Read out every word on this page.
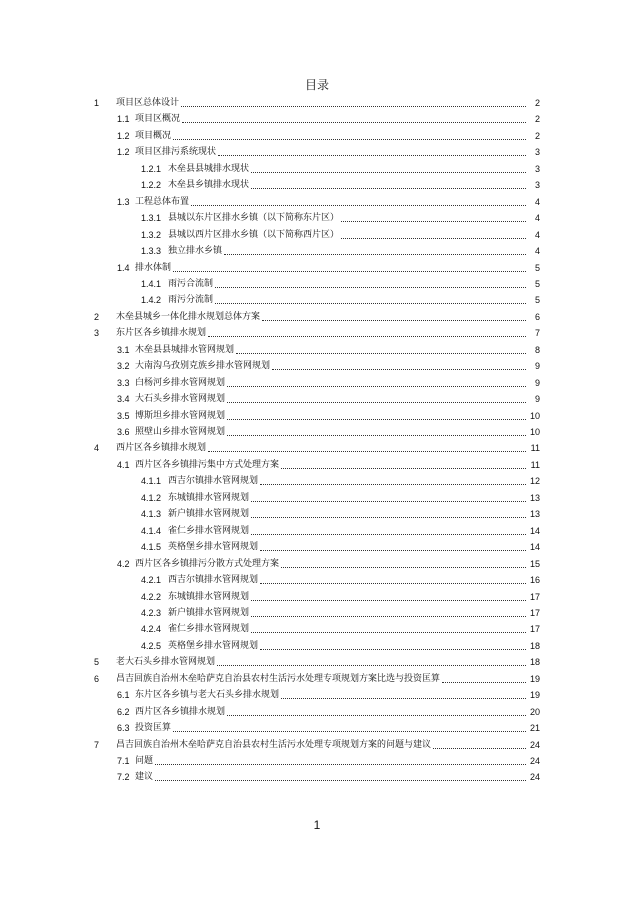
目录
1 项目区总体设计	2
1.1 项目区概况	2
1.2 项目概况	2
1.2 项目区排污系统现状	3
1.2.1 木垒县县城排水现状	3
1.2.2 木垒县乡镇排水现状	3
1.3 工程总体布置	4
1.3.1 县城以东片区排水乡镇（以下简称东片区）	4
1.3.2 县城以西片区排水乡镇（以下简称西片区）	4
1.3.3 独立排水乡镇	4
1.4 排水体制	5
1.4.1 雨污合流制	5
1.4.2 雨污分流制	5
2 木垒县城乡一体化排水规划总体方案	6
3 东片区各乡镇排水规划	7
3.1 木垒县县城排水管网规划	8
3.2 大南沟乌孜别克族乡排水管网规划	9
3.3 白杨河乡排水管网规划	9
3.4 大石头乡排水管网规划	9
3.5 博斯坦乡排水管网规划	10
3.6 照壁山乡排水管网规划	10
4 西片区各乡镇排水规划	11
4.1 西片区各乡镇排污集中方式处理方案	11
4.1.1 西吉尔镇排水管网规划	12
4.1.2 东城镇排水管网规划	13
4.1.3 新户镇排水管网规划	13
4.1.4 雀仁乡排水管网规划	14
4.1.5 英格堡乡排水管网规划	14
4.2 西片区各乡镇排污分散方式处理方案	15
4.2.1 西吉尔镇排水管网规划	16
4.2.2 东城镇排水管网规划	17
4.2.3 新户镇排水管网规划	17
4.2.4 雀仁乡排水管网规划	17
4.2.5 英格堡乡排水管网规划	18
5 老大石头乡排水管网规划	18
6 昌吉回族自治州木垒哈萨克自治县农村生活污水处理专项规划方案比选与投资匡算	19
6.1 东片区各乡镇与老大石头乡排水规划	19
6.2 西片区各乡镇排水规划	20
6.3 投资匡算	21
7 昌吉回族自治州木垒哈萨克自治县农村生活污水处理专项规划方案的问题与建议	24
7.1 问题	24
7.2 建议	24
1
